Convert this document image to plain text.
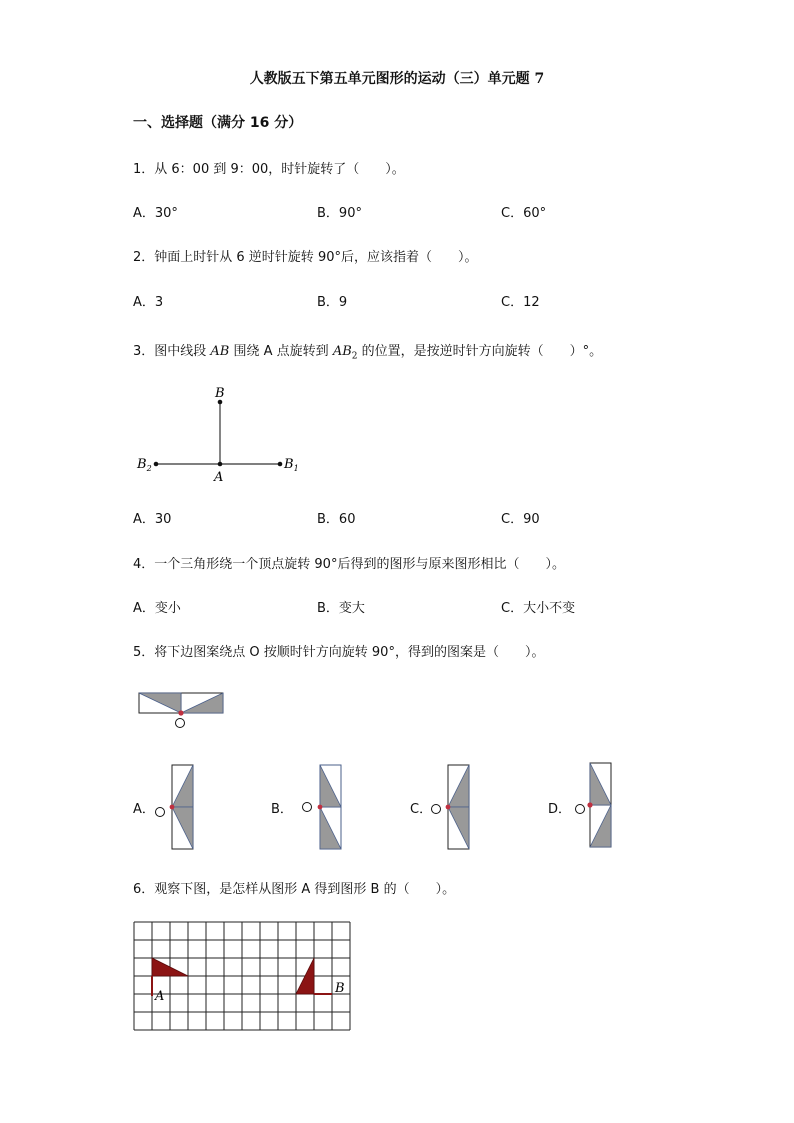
人教版五下第五单元图形的运动（三）单元题 7
一、选择题（满分 16 分）
1．从 6：00 到 9：00，时针旋转了（　　）。
A．30°	B．90°	C．60°
2．钟面上时针从 6 逆时针旋转 90°后，应该指着（　　）。
A．3	B．9	C．12
3．图中线段 AB 围绕 A 点旋转到 $AB_2$ 的位置，是按逆时针方向旋转（　　）°。
B
A
$B_1$
$B_2$
A．30	B．60	C．90
4．一个三角形绕一个顶点旋转 90°后得到的图形与原来图形相比（　　）。
A．变小	B．变大	C．大小不变
5．将下边图案绕点 O 按顺时针方向旋转 90°，得到的图案是（　　）。
A．	B．	C．	D．
6．观察下图，是怎样从图形 A 得到图形 B 的（　　）。
A
B
